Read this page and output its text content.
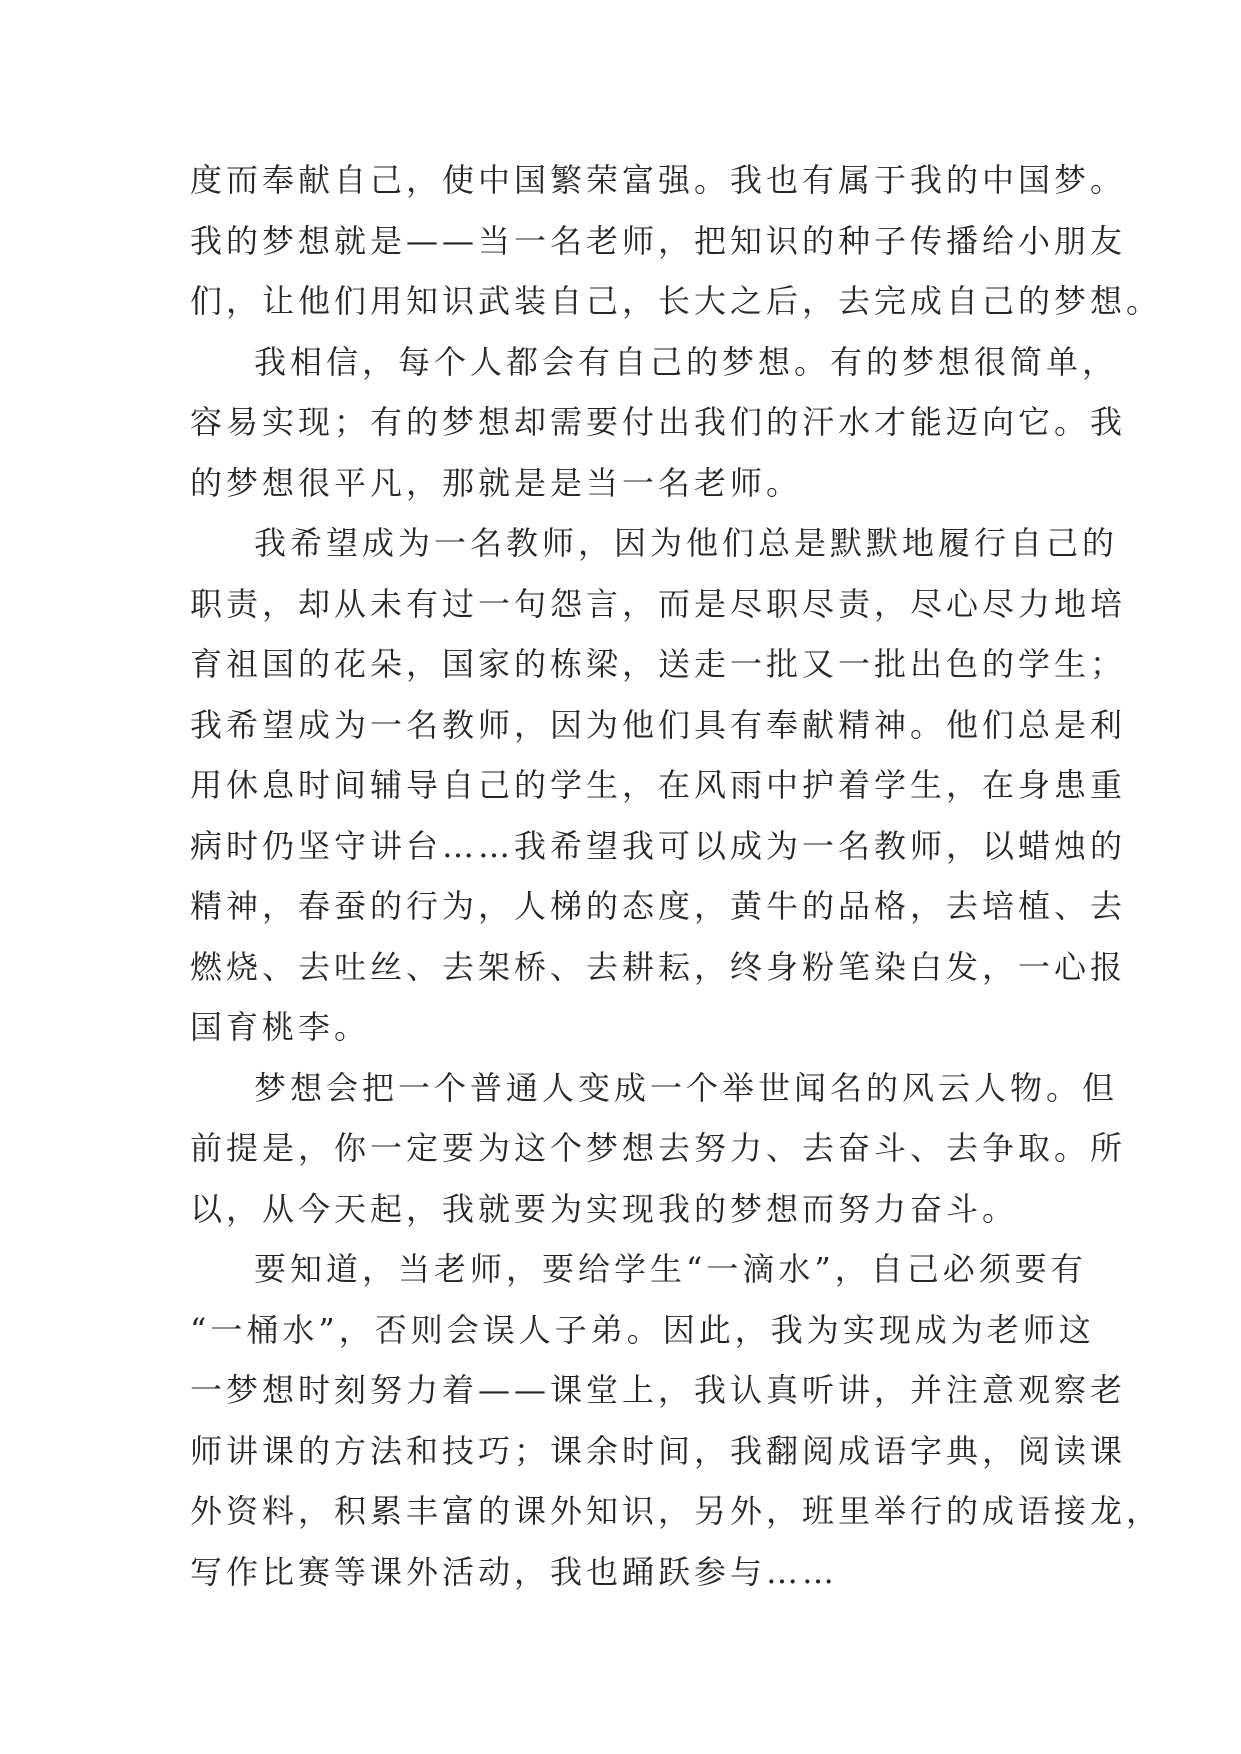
度而奉献自己，使中国繁荣富强。我也有属于我的中国梦。
我的梦想就是——当一名老师，把知识的种子传播给小朋友
们，让他们用知识武装自己，长大之后，去完成自己的梦想。
我相信，每个人都会有自己的梦想。有的梦想很简单，
容易实现；有的梦想却需要付出我们的汗水才能迈向它。我
的梦想很平凡，那就是是当一名老师。
我希望成为一名教师，因为他们总是默默地履行自己的
职责，却从未有过一句怨言，而是尽职尽责，尽心尽力地培
育祖国的花朵，国家的栋梁，送走一批又一批出色的学生；
我希望成为一名教师，因为他们具有奉献精神。他们总是利
用休息时间辅导自己的学生，在风雨中护着学生，在身患重
病时仍坚守讲台……我希望我可以成为一名教师，以蜡烛的
精神，春蚕的行为，人梯的态度，黄牛的品格，去培植、去
燃烧、去吐丝、去架桥、去耕耘，终身粉笔染白发，一心报
国育桃李。
梦想会把一个普通人变成一个举世闻名的风云人物。但
前提是，你一定要为这个梦想去努力、去奋斗、去争取。所
以，从今天起，我就要为实现我的梦想而努力奋斗。
要知道，当老师，要给学生“一滴水”，自己必须要有
“一桶水”，否则会误人子弟。因此，我为实现成为老师这
一梦想时刻努力着——课堂上，我认真听讲，并注意观察老
师讲课的方法和技巧；课余时间，我翻阅成语字典，阅读课
外资料，积累丰富的课外知识，另外，班里举行的成语接龙，
写作比赛等课外活动，我也踊跃参与……
